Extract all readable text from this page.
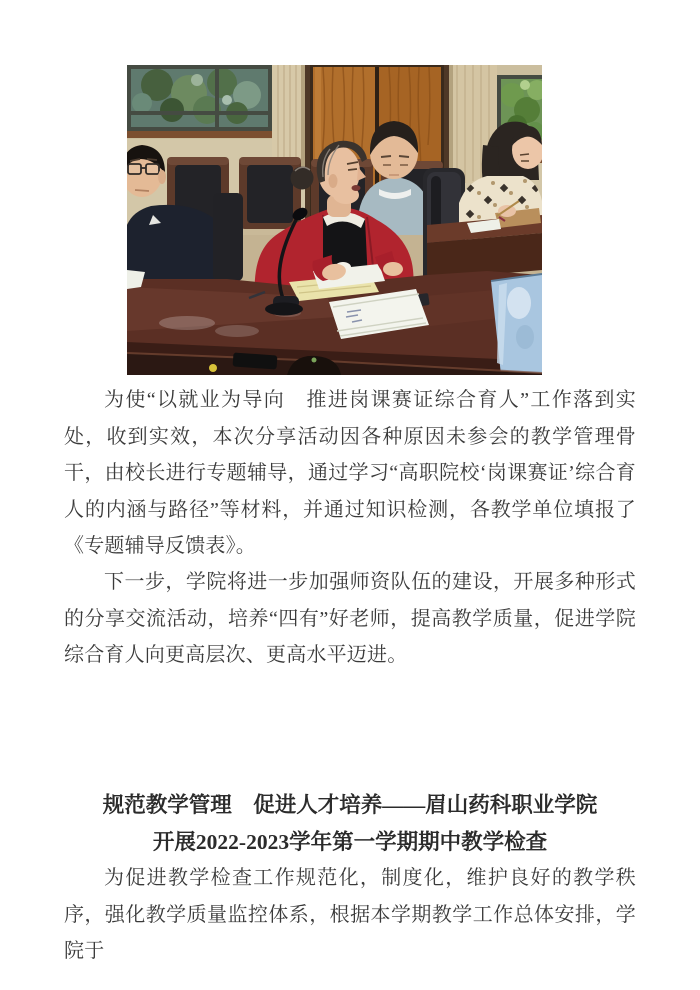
为使“以就业为导向　推进岗课赛证综合育人”工作落到实处，收到实效，本次分享活动因各种原因未参会的教学管理骨干，由校长进行专题辅导，通过学习“高职院校‘岗课赛证’综合育人的内涵与路径”等材料，并通过知识检测，各教学单位填报了《专题辅导反馈表》。

下一步，学院将进一步加强师资队伍的建设，开展多种形式的分享交流活动，培养“四有”好老师，提高教学质量，促进学院综合育人向更高层次、更高水平迈进。

规范教学管理　促进人才培养——眉山药科职业学院
开展2022-2023学年第一学期期中教学检查

为促进教学检查工作规范化，制度化，维护良好的教学秩序，强化教学质量监控体系，根据本学期教学工作总体安排，学院于
